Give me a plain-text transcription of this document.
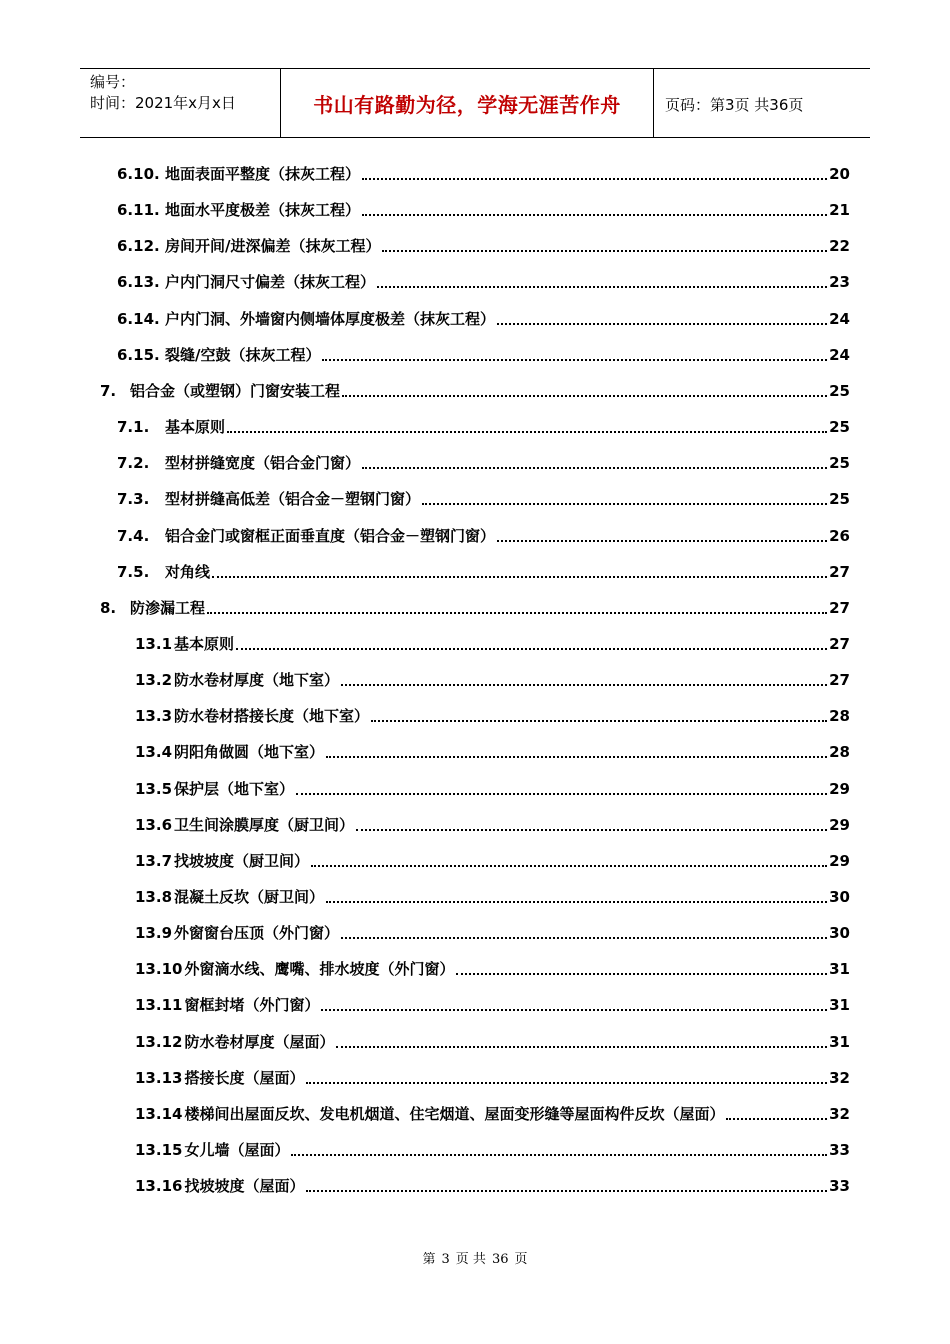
编号：
时间：2021年x月x日	书山有路勤为径，学海无涯苦作舟	页码：第3页 共36页
6.10. 地面表面平整度（抹灰工程）	20
6.11. 地面水平度极差（抹灰工程）	21
6.12. 房间开间/进深偏差（抹灰工程）	22
6.13. 户内门洞尺寸偏差（抹灰工程）	23
6.14. 户内门洞、外墙窗内侧墙体厚度极差（抹灰工程）	24
6.15. 裂缝/空鼓（抹灰工程）	24
7. 铝合金（或塑钢）门窗安装工程	25
7.1.	基本原则	25
7.2.	型材拼缝宽度（铝合金门窗）	25
7.3.	型材拼缝高低差（铝合金－塑钢门窗）	25
7.4.	铝合金门或窗框正面垂直度（铝合金－塑钢门窗）	26
7.5.	对角线	27
8. 防渗漏工程	27
13.1 基本原则	27
13.2 防水卷材厚度（地下室）	27
13.3 防水卷材搭接长度（地下室）	28
13.4 阴阳角做圆（地下室）	28
13.5 保护层（地下室）	29
13.6 卫生间涂膜厚度（厨卫间）	29
13.7 找坡坡度（厨卫间）	29
13.8 混凝土反坎（厨卫间）	30
13.9 外窗窗台压顶（外门窗）	30
13.10 外窗滴水线、鹰嘴、排水坡度（外门窗）	31
13.11 窗框封堵（外门窗）	31
13.12 防水卷材厚度（屋面）	31
13.13 搭接长度（屋面）	32
13.14 楼梯间出屋面反坎、发电机烟道、住宅烟道、屋面变形缝等屋面构件反坎（屋面）	32
13.15 女儿墙（屋面）	33
13.16 找坡坡度（屋面）	33
第 3 页 共 36 页
